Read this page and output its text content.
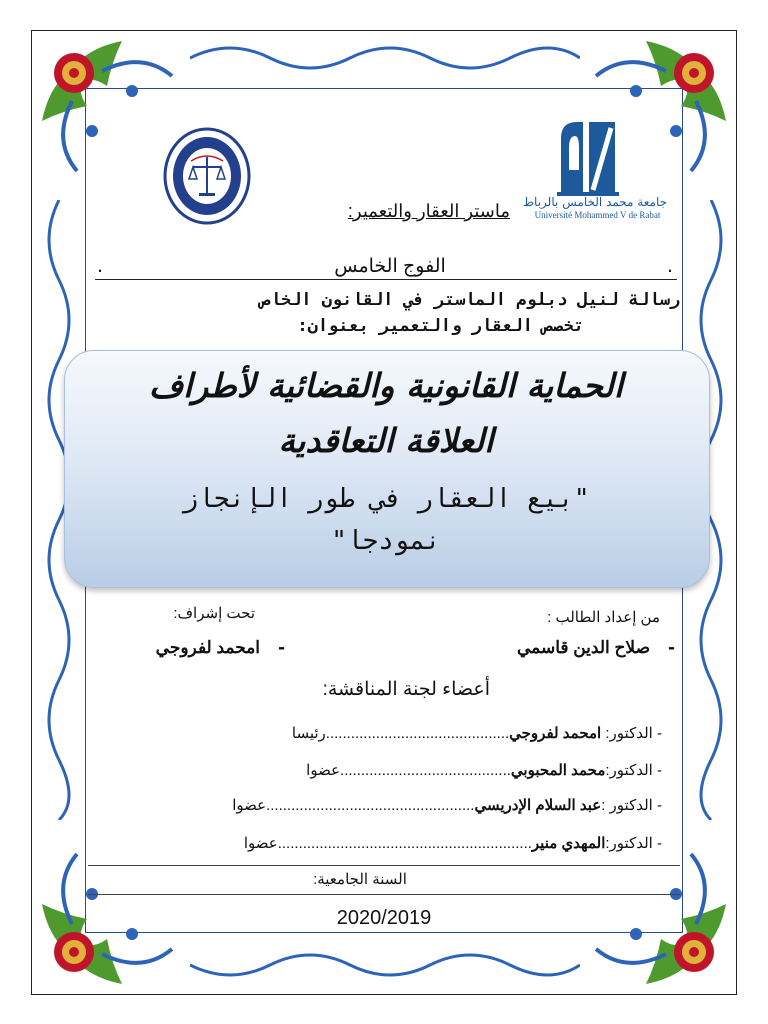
جامعة محمد الخامس بالرباط
Université Mohammed V de Rabat
ماستر العقار والتعمير:
الفوج الخامس
.	.
رسالة لنيل دبلوم الماستر في القانون الخاص
تخصص العقار والتعمير بعنوان:
الحماية القانونية والقضائية لأطراف
العلاقة التعاقدية
"بيع العقار في طور الإنجاز
نمودجا"
من إعداد الطالب :
تحت إشراف:
-
صلاح الدين قاسمي
-
امحمد لفروجي
أعضاء لجنة المناقشة:
- الدكتور: امحمد لفروجي............................................رئيسا
- الدكتور:محمد المحبوبي.........................................عضوا
- الدكتور :عبد السلام الإدريسي..................................................عضوا
- الدكتور:المهدي منير.............................................................عضوا
السنة الجامعية:
2020/2019
